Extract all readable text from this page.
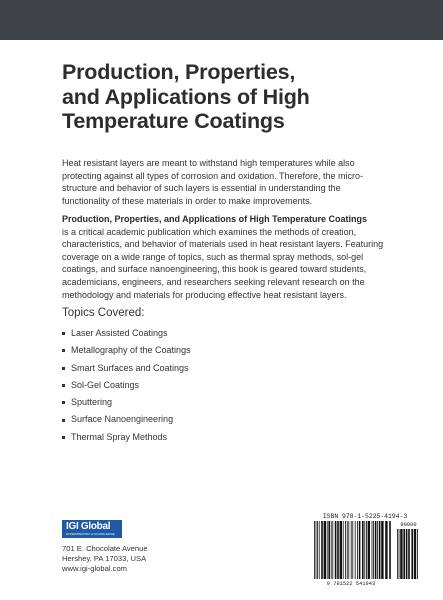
Production, Properties,
and Applications of High
Temperature Coatings
Heat resistant layers are meant to withstand high temperatures while also
protecting against all types of corrosion and oxidation. Therefore, the micro-
structure and behavior of such layers is essential in understanding the
functionality of these materials in order to make improvements.
Production, Properties, and Applications of High Temperature Coatings
is a critical academic publication which examines the methods of creation,
characteristics, and behavior of materials used in heat resistant layers. Featuring
coverage on a wide range of topics, such as thermal spray methods, sol-gel
coatings, and surface nanoengineering, this book is geared toward students,
academicians, engineers, and researchers seeking relevant research on the
methodology and materials for producing effective heat resistant layers.
Topics Covered:
Laser Assisted Coatings
Metallography of the Coatings
Smart Surfaces and Coatings
Sol-Gel Coatings
Sputtering
Surface Nanoengineering
Thermal Spray Methods
IGI Global
DISSEMINATOR of KNOWLEDGE
701 E. Chocolate Avenue
Hershey, PA 17033, USA
www.igi-global.com
ISBN 978-1-5225-4194-3
9 781522 541943
90000
